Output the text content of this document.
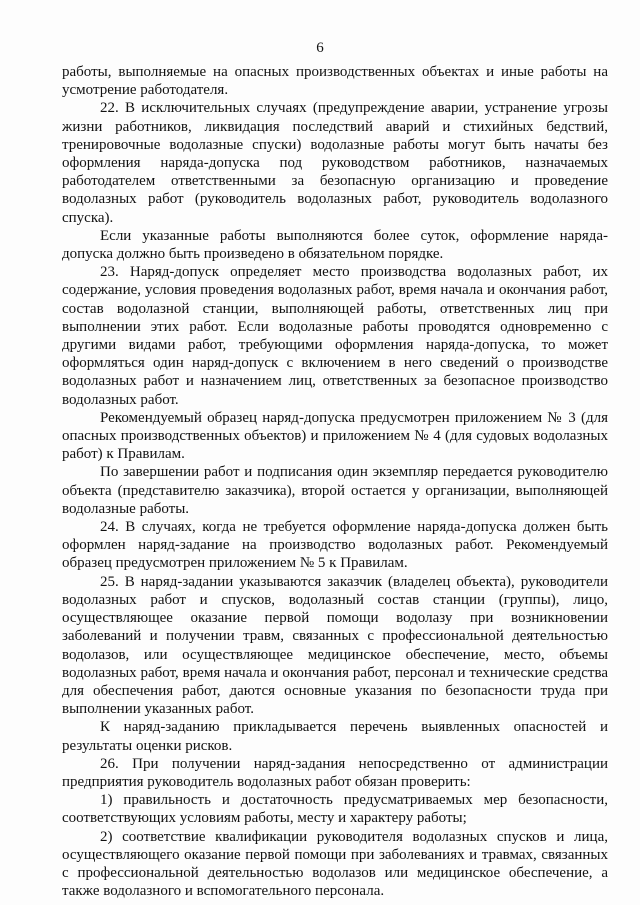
6

работы, выполняемые на опасных производственных объектах и иные работы на усмотрение работодателя.

22. В исключительных случаях (предупреждение аварии, устранение угрозы жизни работников, ликвидация последствий аварий и стихийных бедствий, тренировочные водолазные спуски) водолазные работы могут быть начаты без оформления наряда-допуска под руководством работников, назначаемых работодателем ответственными за безопасную организацию и проведение водолазных работ (руководитель водолазных работ, руководитель водолазного спуска).

Если указанные работы выполняются более суток, оформление наряда-допуска должно быть произведено в обязательном порядке.

23. Наряд-допуск определяет место производства водолазных работ, их содержание, условия проведения водолазных работ, время начала и окончания работ, состав водолазной станции, выполняющей работы, ответственных лиц при выполнении этих работ. Если водолазные работы проводятся одновременно с другими видами работ, требующими оформления наряда-допуска, то может оформляться один наряд-допуск с включением в него сведений о производстве водолазных работ и назначением лиц, ответственных за безопасное производство водолазных работ.

Рекомендуемый образец наряд-допуска предусмотрен приложением № 3 (для опасных производственных объектов) и приложением № 4 (для судовых водолазных работ) к Правилам.

По завершении работ и подписания один экземпляр передается руководителю объекта (представителю заказчика), второй остается у организации, выполняющей водолазные работы.

24. В случаях, когда не требуется оформление наряда-допуска должен быть оформлен наряд-задание на производство водолазных работ. Рекомендуемый образец предусмотрен приложением № 5 к Правилам.

25. В наряд-задании указываются заказчик (владелец объекта), руководители водолазных работ и спусков, водолазный состав станции (группы), лицо, осуществляющее оказание первой помощи водолазу при возникновении заболеваний и получении травм, связанных с профессиональной деятельностью водолазов, или осуществляющее медицинское обеспечение, место, объемы водолазных работ, время начала и окончания работ, персонал и технические средства для обеспечения работ, даются основные указания по безопасности труда при выполнении указанных работ.

К наряд-заданию прикладывается перечень выявленных опасностей и результаты оценки рисков.

26. При получении наряд-задания непосредственно от администрации предприятия руководитель водолазных работ обязан проверить:

1) правильность и достаточность предусматриваемых мер безопасности, соответствующих условиям работы, месту и характеру работы;

2) соответствие квалификации руководителя водолазных спусков и лица, осуществляющего оказание первой помощи при заболеваниях и травмах, связанных с профессиональной деятельностью водолазов или медицинское обеспечение, а также водолазного и вспомогательного персонала.
